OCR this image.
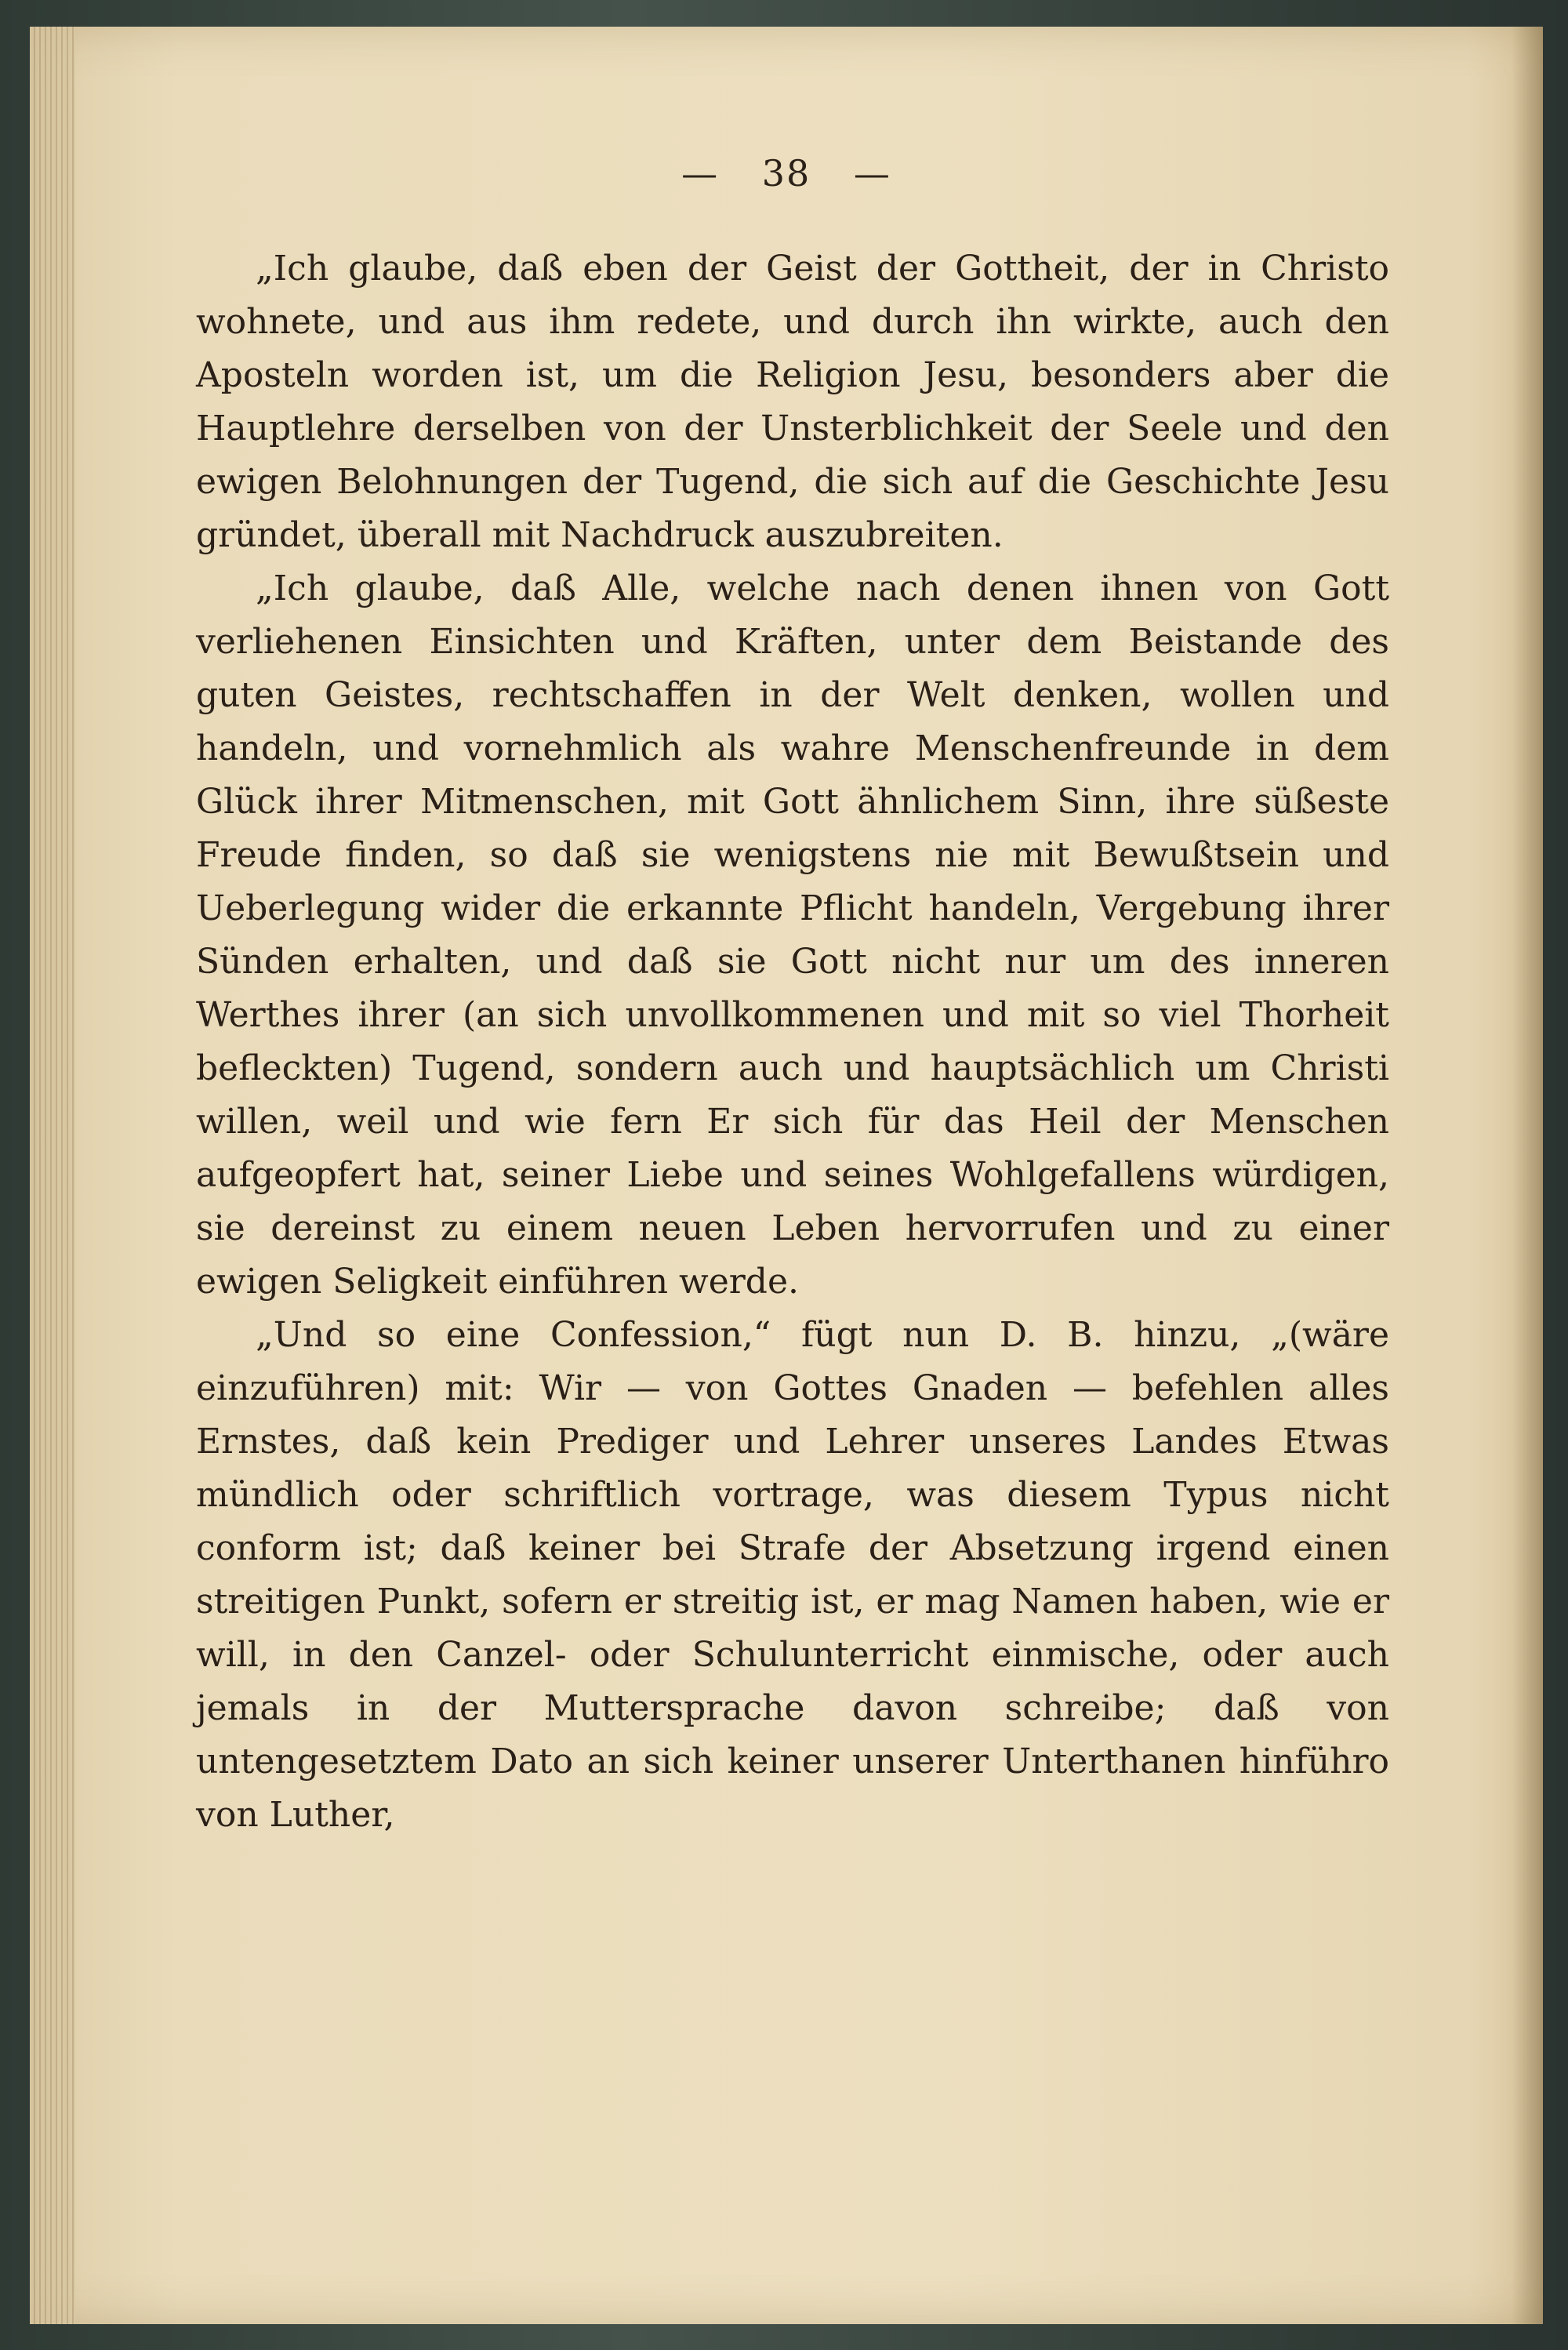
— 38 —

„Ich glaube, daß eben der Geist der Gottheit, der in Christo wohnete, und aus ihm redete, und durch ihn wirkte, auch den Aposteln worden ist, um die Religion Jesu, besonders aber die Hauptlehre derselben von der Unsterblichkeit der Seele und den ewigen Belohnungen der Tugend, die sich auf die Geschichte Jesu gründet, überall mit Nachdruck auszubreiten.

„Ich glaube, daß Alle, welche nach denen ihnen von Gott verliehenen Einsichten und Kräften, unter dem Beistande des guten Geistes, rechtschaffen in der Welt denken, wollen und handeln, und vornehmlich als wahre Menschenfreunde in dem Glück ihrer Mitmenschen, mit Gott ähnlichem Sinn, ihre süßeste Freude finden, so daß sie wenigstens nie mit Bewußtsein und Ueberlegung wider die erkannte Pflicht handeln, Vergebung ihrer Sünden erhalten, und daß sie Gott nicht nur um des inneren Werthes ihrer (an sich unvollkommenen und mit so viel Thorheit befleckten) Tugend, sondern auch und hauptsächlich um Christi willen, weil und wie fern Er sich für das Heil der Menschen aufgeopfert hat, seiner Liebe und seines Wohlgefallens würdigen, sie dereinst zu einem neuen Leben hervorrufen und zu einer ewigen Seligkeit einführen werde.

„Und so eine Confession,“ fügt nun D. B. hinzu, „(wäre einzuführen) mit: Wir — von Gottes Gnaden — befehlen alles Ernstes, daß kein Prediger und Lehrer unseres Landes Etwas mündlich oder schriftlich vortrage, was diesem Typus nicht conform ist; daß keiner bei Strafe der Absetzung irgend einen streitigen Punkt, sofern er streitig ist, er mag Namen haben, wie er will, in den Canzel- oder Schulunterricht einmische, oder auch jemals in der Muttersprache davon schreibe; daß von untengesetztem Dato an sich keiner unserer Unterthanen hinführo von Luther,
